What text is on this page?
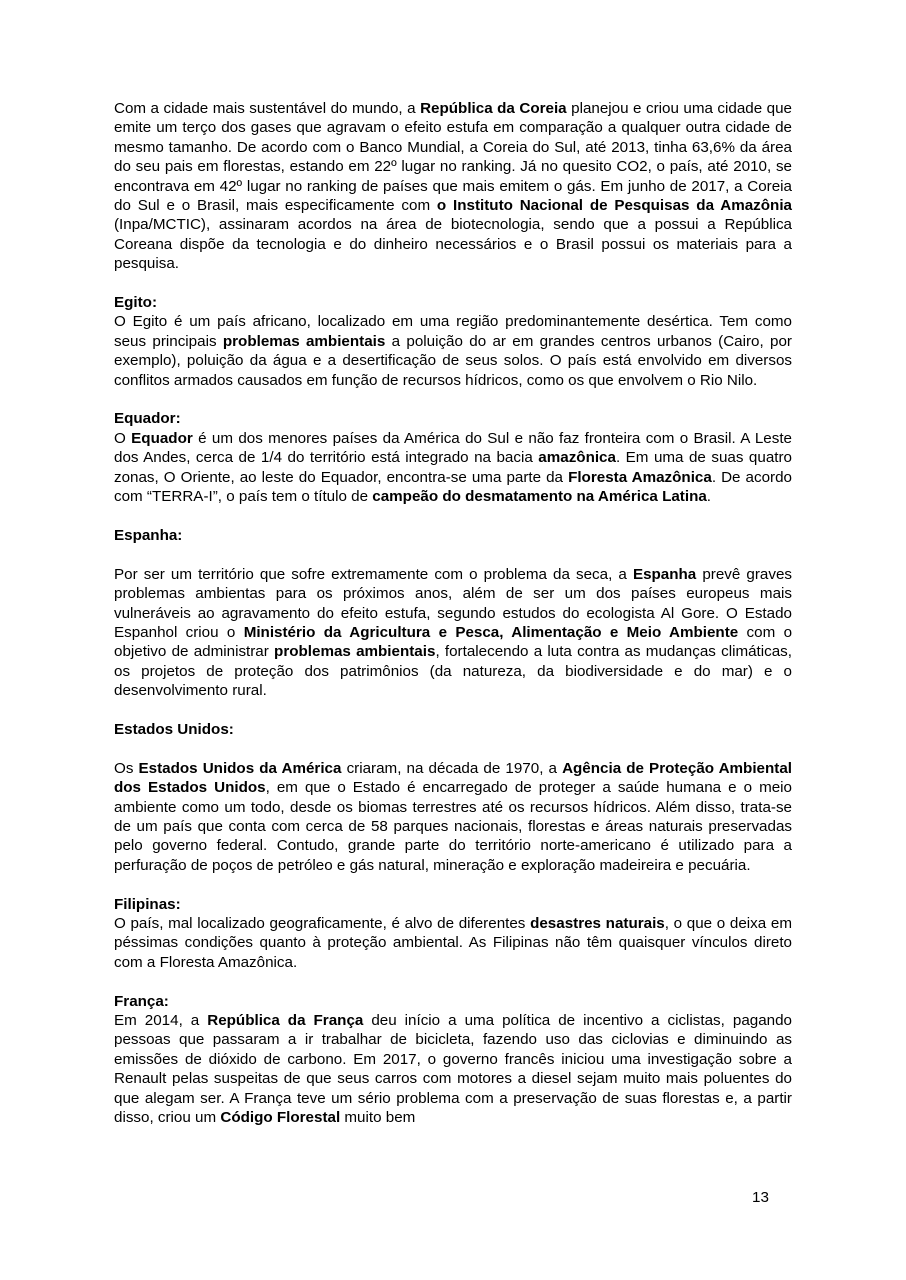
Com a cidade mais sustentável do mundo, a República da Coreia planejou e criou uma cidade que emite um terço dos gases que agravam o efeito estufa em comparação a qualquer outra cidade de mesmo tamanho. De acordo com o Banco Mundial, a Coreia do Sul, até 2013, tinha 63,6% da área do seu pais em florestas, estando em 22º lugar no ranking. Já no quesito CO2, o país, até 2010, se encontrava em 42º lugar no ranking de países que mais emitem o gás. Em junho de 2017, a Coreia do Sul e o Brasil, mais especificamente com o Instituto Nacional de Pesquisas da Amazônia (Inpa/MCTIC), assinaram acordos na área de biotecnologia, sendo que a possui a República Coreana dispõe da tecnologia e do dinheiro necessários e o Brasil possui os materiais para a pesquisa.

Egito:

O Egito é um país africano, localizado em uma região predominantemente desértica. Tem como seus principais problemas ambientais a poluição do ar em grandes centros urbanos (Cairo, por exemplo), poluição da água e a desertificação de seus solos. O país está envolvido em diversos conflitos armados causados em função de recursos hídricos, como os que envolvem o Rio Nilo.

Equador:

O Equador é um dos menores países da América do Sul e não faz fronteira com o Brasil. A Leste dos Andes, cerca de 1/4 do território está integrado na bacia amazônica. Em uma de suas quatro zonas, O Oriente, ao leste do Equador, encontra-se uma parte da Floresta Amazônica. De acordo com “TERRA-I”, o país tem o título de campeão do desmatamento na América Latina.

Espanha:

Por ser um território que sofre extremamente com o problema da seca, a Espanha prevê graves problemas ambientas para os próximos anos, além de ser um dos países europeus mais vulneráveis ao agravamento do efeito estufa, segundo estudos do ecologista Al Gore. O Estado Espanhol criou o Ministério da Agricultura e Pesca, Alimentação e Meio Ambiente com o objetivo de administrar problemas ambientais, fortalecendo a luta contra as mudanças climáticas, os projetos de proteção dos patrimônios (da natureza, da biodiversidade e do mar) e o desenvolvimento rural.

Estados Unidos:

Os Estados Unidos da América criaram, na década de 1970, a Agência de Proteção Ambiental dos Estados Unidos, em que o Estado é encarregado de proteger a saúde humana e o meio ambiente como um todo, desde os biomas terrestres até os recursos hídricos. Além disso, trata-se de um país que conta com cerca de 58 parques nacionais, florestas e áreas naturais preservadas pelo governo federal. Contudo, grande parte do território norte-americano é utilizado para a perfuração de poços de petróleo e gás natural, mineração e exploração madeireira e pecuária.

Filipinas:

O país, mal localizado geograficamente, é alvo de diferentes desastres naturais, o que o deixa em péssimas condições quanto à proteção ambiental. As Filipinas não têm quaisquer vínculos direto com a Floresta Amazônica.

França:

Em 2014, a República da França deu início a uma política de incentivo a ciclistas, pagando pessoas que passaram a ir trabalhar de bicicleta, fazendo uso das ciclovias e diminuindo as emissões de dióxido de carbono. Em 2017, o governo francês iniciou uma investigação sobre a Renault pelas suspeitas de que seus carros com motores a diesel sejam muito mais poluentes do que alegam ser. A França teve um sério problema com a preservação de suas florestas e, a partir disso, criou um Código Florestal muito bem

13
